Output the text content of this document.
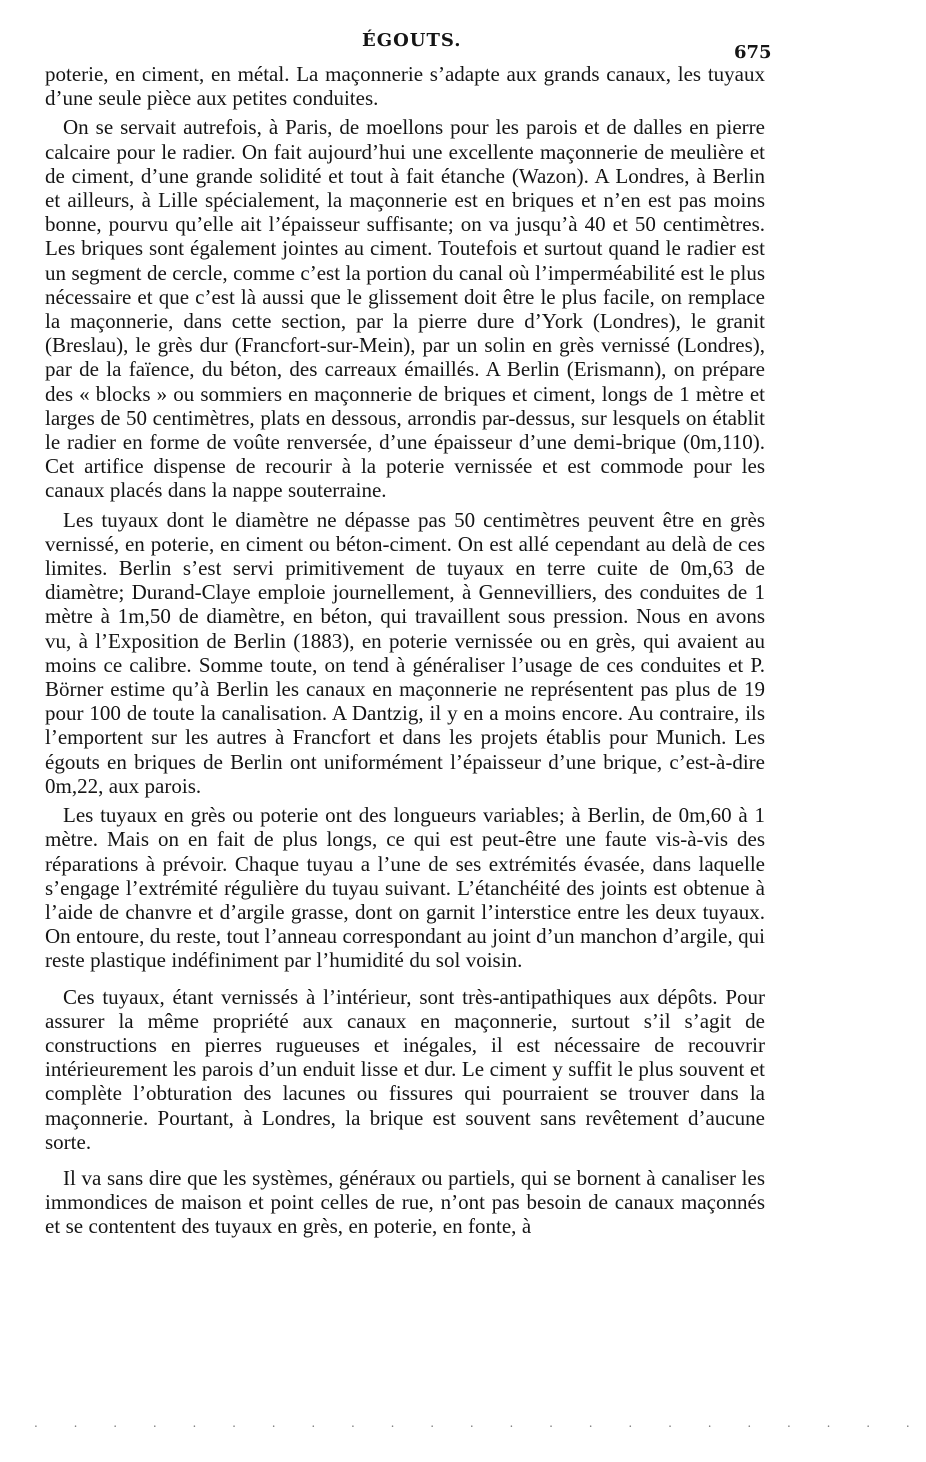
ÉGOUTS.
675

poterie, en ciment, en métal. La maçonnerie s’adapte aux grands canaux, les tuyaux d’une seule pièce aux petites conduites.

On se servait autrefois, à Paris, de moellons pour les parois et de dalles en pierre calcaire pour le radier. On fait aujourd’hui une excellente maçonnerie de meulière et de ciment, d’une grande solidité et tout à fait étanche (Wazon). A Londres, à Berlin et ailleurs, à Lille spécialement, la maçonnerie est en briques et n’en est pas moins bonne, pourvu qu’elle ait l’épaisseur suffisante; on va jusqu’à 40 et 50 centimètres. Les briques sont également jointes au ciment. Toutefois et surtout quand le radier est un segment de cercle, comme c’est la portion du canal où l’imperméabilité est le plus nécessaire et que c’est là aussi que le glissement doit être le plus facile, on remplace la maçonnerie, dans cette section, par la pierre dure d’York (Londres), le granit (Breslau), le grès dur (Francfort-sur-Mein), par un solin en grès vernissé (Londres), par de la faïence, du béton, des carreaux émaillés. A Berlin (Erismann), on prépare des « blocks » ou sommiers en maçonnerie de briques et ciment, longs de 1 mètre et larges de 50 centimètres, plats en dessous, arrondis par-dessus, sur lesquels on établit le radier en forme de voûte renversée, d’une épaisseur d’une demi-brique (0m,110). Cet artifice dispense de recourir à la poterie vernissée et est commode pour les canaux placés dans la nappe souterraine.

Les tuyaux dont le diamètre ne dépasse pas 50 centimètres peuvent être en grès vernissé, en poterie, en ciment ou béton-ciment. On est allé cependant au delà de ces limites. Berlin s’est servi primitivement de tuyaux en terre cuite de 0m,63 de diamètre; Durand-Claye emploie journellement, à Gennevilliers, des conduites de 1 mètre à 1m,50 de diamètre, en béton, qui travaillent sous pression. Nous en avons vu, à l’Exposition de Berlin (1883), en poterie vernissée ou en grès, qui avaient au moins ce calibre. Somme toute, on tend à généraliser l’usage de ces conduites et P. Börner estime qu’à Berlin les canaux en maçonnerie ne représentent pas plus de 19 pour 100 de toute la canalisation. A Dantzig, il y en a moins encore. Au contraire, ils l’emportent sur les autres à Francfort et dans les projets établis pour Munich. Les égouts en briques de Berlin ont uniformément l’épaisseur d’une brique, c’est-à-dire 0m,22, aux parois.

Les tuyaux en grès ou poterie ont des longueurs variables; à Berlin, de 0m,60 à 1 mètre. Mais on en fait de plus longs, ce qui est peut-être une faute vis-à-vis des réparations à prévoir. Chaque tuyau a l’une de ses extrémités évasée, dans laquelle s’engage l’extrémité régulière du tuyau suivant. L’étanchéité des joints est obtenue à l’aide de chanvre et d’argile grasse, dont on garnit l’interstice entre les deux tuyaux. On entoure, du reste, tout l’anneau correspondant au joint d’un manchon d’argile, qui reste plastique indéfiniment par l’humidité du sol voisin.

Ces tuyaux, étant vernissés à l’intérieur, sont très-antipathiques aux dépôts. Pour assurer la même propriété aux canaux en maçonnerie, surtout s’il s’agit de constructions en pierres rugueuses et inégales, il est nécessaire de recouvrir intérieurement les parois d’un enduit lisse et dur. Le ciment y suffit le plus souvent et complète l’obturation des lacunes ou fissures qui pourraient se trouver dans la maçonnerie. Pourtant, à Londres, la brique est souvent sans revêtement d’aucune sorte.

Il va sans dire que les systèmes, généraux ou partiels, qui se bornent à canaliser les immondices de maison et point celles de rue, n’ont pas besoin de canaux maçonnés et se contentent des tuyaux en grès, en poterie, en fonte, à

. . . . . . . . . . . . . . . . . . . . . . .
